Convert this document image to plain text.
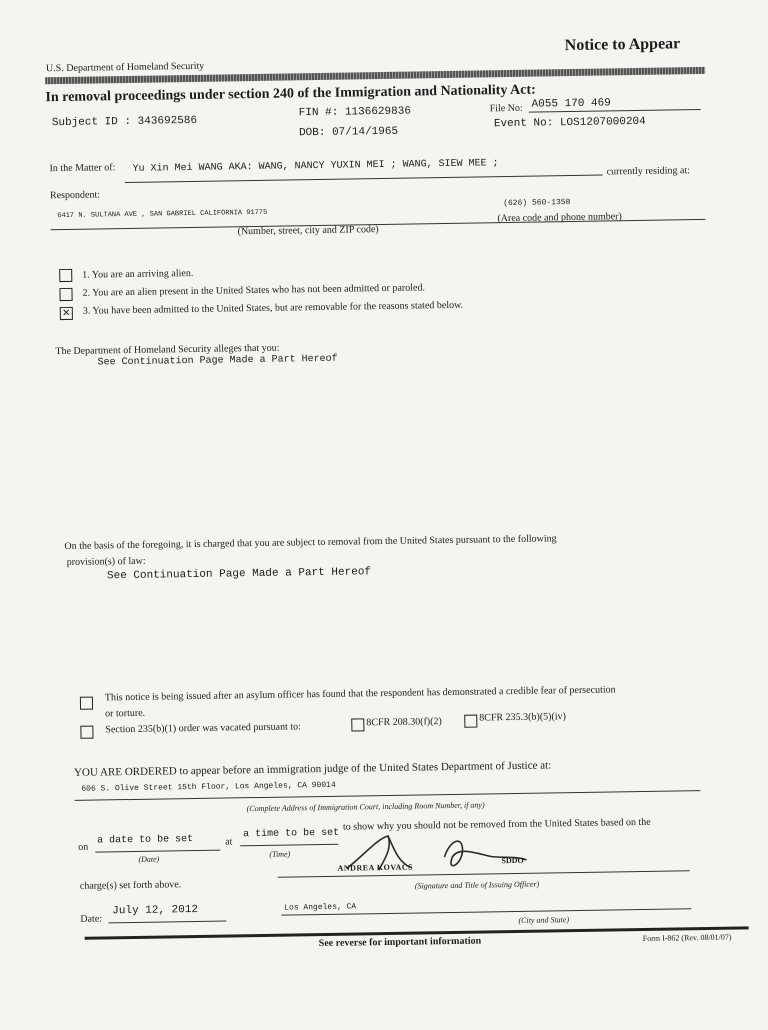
Notice to Appear
U.S. Department of Homeland Security
In removal proceedings under section 240 of the Immigration and Nationality Act:
Subject ID : 343692586
FIN #: 1136629836
DOB: 07/14/1965
File No: A055 170 469
Event No: LOS1207000204
In the Matter of: Yu Xin Mei WANG AKA: WANG, NANCY YUXIN MEI ; WANG, SIEW MEE ;	currently residing at:
Respondent:
6417 N. SULTANA AVE , SAN GABRIEL CALIFORNIA 91775
(626) 560-1358
(Number, street, city and ZIP code)
(Area code and phone number)
1. You are an arriving alien.
2. You are an alien present in the United States who has not been admitted or paroled.
✕ 3. You have been admitted to the United States, but are removable for the reasons stated below.
The Department of Homeland Security alleges that you:
See Continuation Page Made a Part Hereof
On the basis of the foregoing, it is charged that you are subject to removal from the United States pursuant to the following
provision(s) of law:
See Continuation Page Made a Part Hereof
This notice is being issued after an asylum officer has found that the respondent has demonstrated a credible fear of persecution
or torture.
Section 235(b)(1) order was vacated pursuant to:	8CFR 208.30(f)(2)	8CFR 235.3(b)(5)(iv)
YOU ARE ORDERED to appear before an immigration judge of the United States Department of Justice at:
606 S. Olive Street 15th Floor, Los Angeles, CA 90014
(Complete Address of Immigration Court, including Room Number, if any)
on
a date to be set
(Date)
at
a time to be set
(Time)
to show why you should not be removed from the United States based on the
ANDREA KOVACS
SDDO
(Signature and Title of Issuing Officer)
charge(s) set forth above.
Date:
July 12, 2012	Los Angeles, CA
(City and State)
See reverse for important information	Form I-862 (Rev. 08/01/07)
